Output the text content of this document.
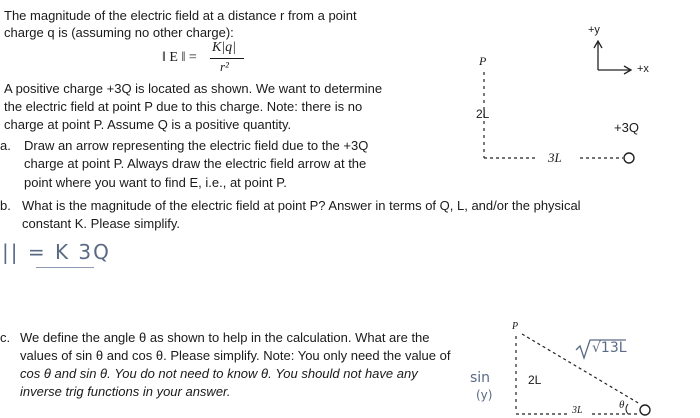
The magnitude of the electric field at a distance r from a point
charge q is (assuming no other charge):
‖ E ‖ =
K|q|
r²
A positive charge +3Q is located as shown. We want to determine
the electric field at point P due to this charge. Note: there is no
charge at point P. Assume Q is a positive quantity.
a. Draw an arrow representing the electric field due to the +3Q
charge at point P. Always draw the electric field arrow at the
point where you want to find E, i.e., at point P.
b. What is the magnitude of the electric field at point P? Answer in terms of Q, L, and/or the physical
constant K. Please simplify.
|| = K 3Q
c. We define the angle θ as shown to help in the calculation. What are the
values of sin θ and cos θ. Please simplify. Note: You only need the value of
cos θ and sin θ. You do not need to know θ. You should not have any
inverse trig functions in your answer.
+y
+x
P
2L
3L
+3Q
P
√13L
2L
sin
(y)
3L	θ
